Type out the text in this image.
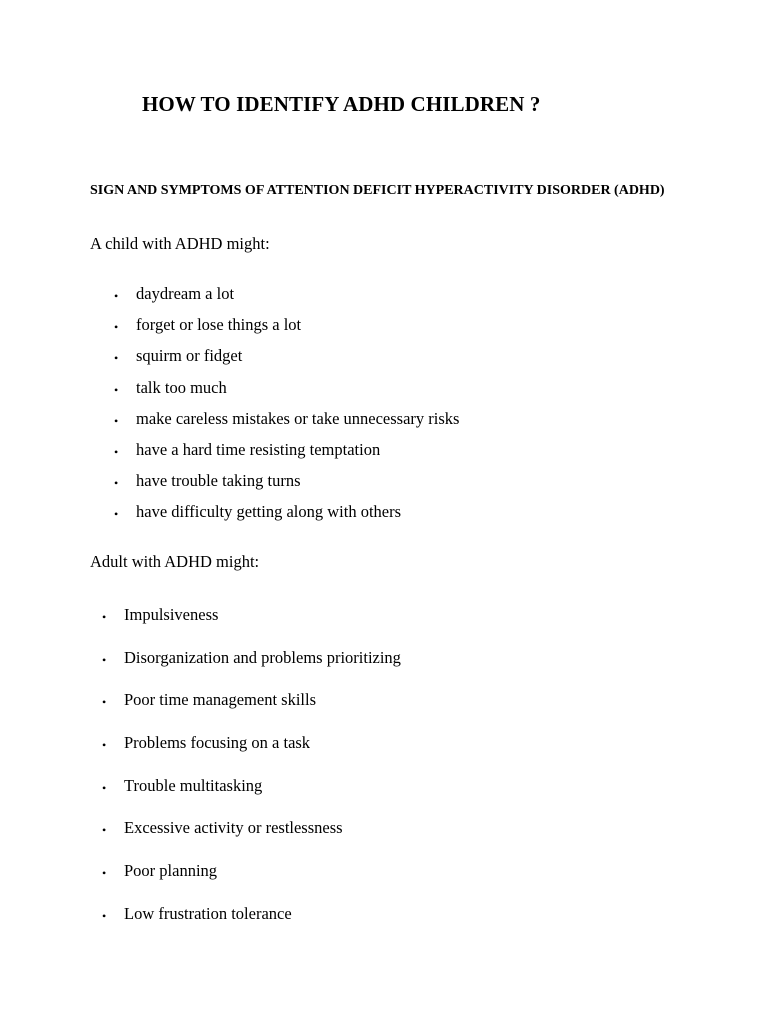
HOW TO IDENTIFY ADHD CHILDREN ?

SIGN AND SYMPTOMS OF ATTENTION DEFICIT HYPERACTIVITY DISORDER (ADHD)

A child with ADHD might:

• daydream a lot
• forget or lose things a lot
• squirm or fidget
• talk too much
• make careless mistakes or take unnecessary risks
• have a hard time resisting temptation
• have trouble taking turns
• have difficulty getting along with others

Adult with ADHD might:

• Impulsiveness
• Disorganization and problems prioritizing
• Poor time management skills
• Problems focusing on a task
• Trouble multitasking
• Excessive activity or restlessness
• Poor planning
• Low frustration tolerance
